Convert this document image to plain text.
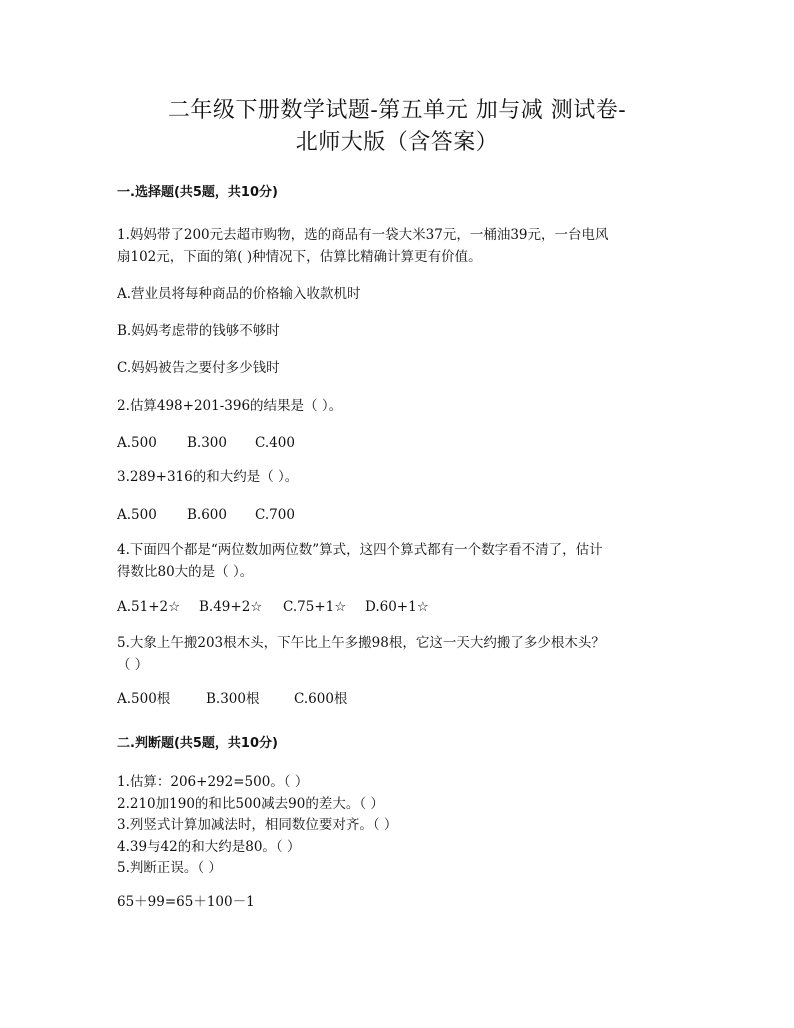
二年级下册数学试题-第五单元 加与减 测试卷-
北师大版（含答案）
一.选择题(共5题，共10分)
1.妈妈带了200元去超市购物，选的商品有一袋大米37元，一桶油39元，一台电风
扇102元，下面的第( )种情况下，估算比精确计算更有价值。
A.营业员将每种商品的价格输入收款机时
B.妈妈考虑带的钱够不够时
C.妈妈被告之要付多少钱时
2.估算498+201-396的结果是（ ）。
A.500 B.300 C.400
3.289+316的和大约是（ ）。
A.500 B.600 C.700
4.下面四个都是“两位数加两位数”算式，这四个算式都有一个数字看不清了，估计
得数比80大的是（ ）。
A.51+2☆ B.49+2☆ C.75+1☆ D.60+1☆
5.大象上午搬203根木头，下午比上午多搬98根，它这一天大约搬了多少根木头？
（ ）
A.500根	B.300根	C.600根
二.判断题(共5题，共10分)
1.估算：206+292=500。（ ）
2.210加190的和比500减去90的差大。（ ）
3.列竖式计算加减法时，相同数位要对齐。（ ）
4.39与42的和大约是80。（ ）
5.判断正误。（ ）
65＋99=65＋100－1
